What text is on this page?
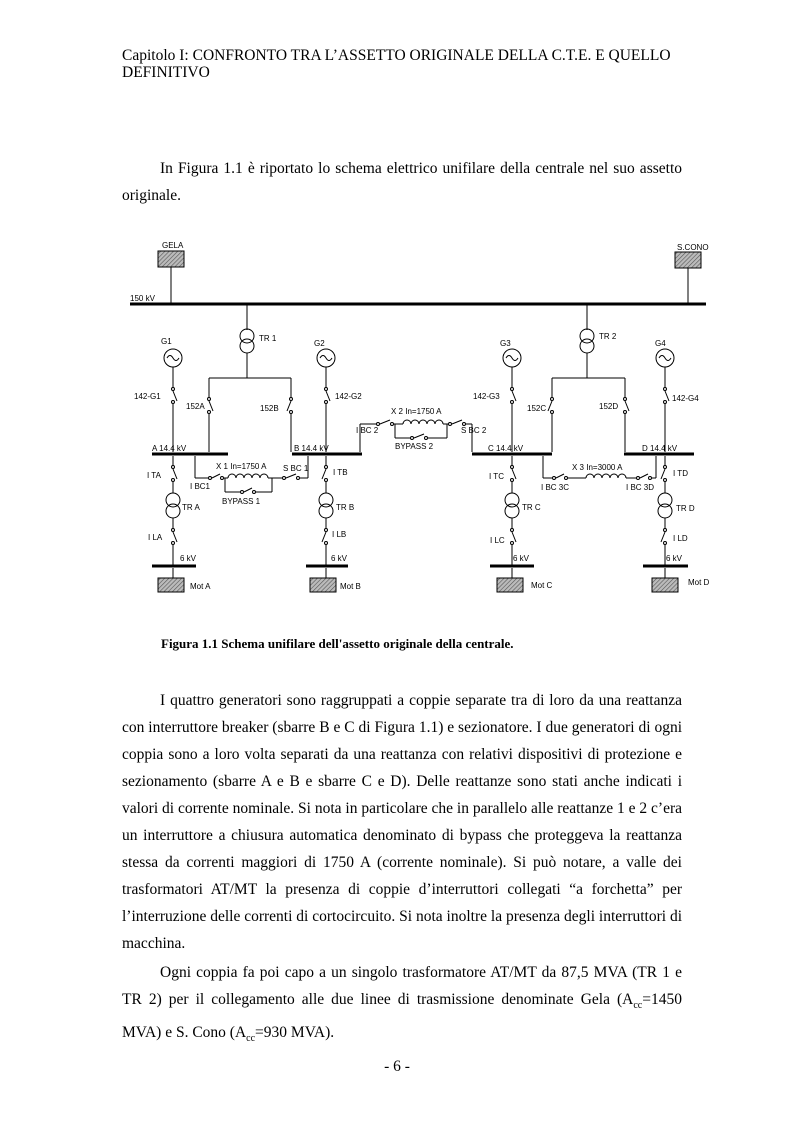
Capitolo I: CONFRONTO TRA L’ASSETTO ORIGINALE DELLA C.T.E. E QUELLO
DEFINITIVO
In Figura 1.1 è riportato lo schema elettrico unifilare della centrale nel suo assetto originale.
GELA	S.CONO
150 kV
TR 1	TR 2
G1	G2	G3	G4
142-G1	142-G2	142-G3	142-G4
152A	152B	152C	152D
X 2 In=1750 A
I BC 2	S BC 2
BYPASS 2
A 14.4 kV	B 14.4 kV	C 14.4 kV	D 14.4 kV
X 1 In=1750 A S BC 1
I BC1
BYPASS 1
X 3 In=3000 A
I BC 3C	I BC 3D
I TA
TR A
I LA
6 kV
Mot A
I TB
TR B
I LB
6 kV
Mot B
I TC
TR C
I LC
6 kV
Mot C
I TD
TR D
I LD
6 kV
Mot D
Figura 1.1 Schema unifilare dell'assetto originale della centrale.
I quattro generatori sono raggruppati a coppie separate tra di loro da una reattanza con interruttore breaker (sbarre B e C di Figura 1.1) e sezionatore. I due generatori di ogni coppia sono a loro volta separati da una reattanza con relativi dispositivi di protezione e sezionamento (sbarre A e B e sbarre C e D). Delle reattanze sono stati anche indicati i valori di corrente nominale. Si nota in particolare che in parallelo alle reattanze 1 e 2 c’era un interruttore a chiusura automatica denominato di bypass che proteggeva la reattanza stessa da correnti maggiori di 1750 A (corrente nominale). Si può notare, a valle dei trasformatori AT/MT la presenza di coppie d’interruttori collegati “a forchetta” per l’interruzione delle correnti di cortocircuito. Si nota inoltre la presenza degli interruttori di macchina.
Ogni coppia fa poi capo a un singolo trasformatore AT/MT da 87,5 MVA (TR 1 e TR 2) per il collegamento alle due linee di trasmissione denominate Gela ($A_{cc}=1450$ MVA) e S. Cono ($A_{cc}=930$ MVA).
- 6 -
